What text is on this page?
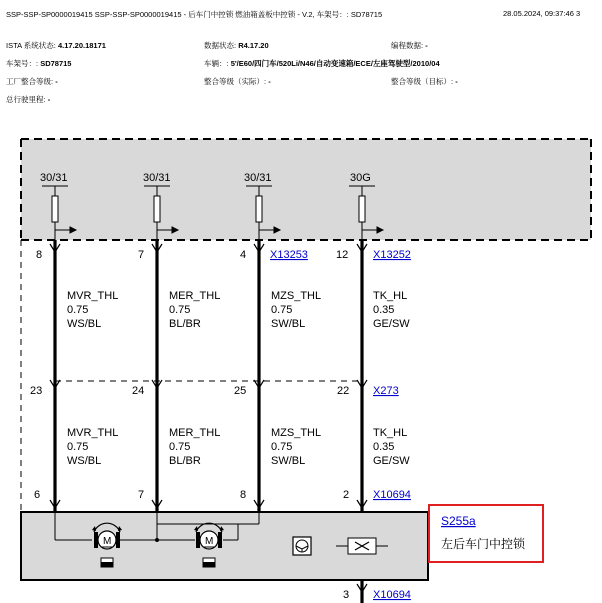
SSP-SSP-SP0000019415 SSP-SSP-SP0000019415 - 后车门中控锁 燃油箱盖板中控锁 - V.2, 车架号：: SD78715	28.05.2024, 09:37:46 3
ISTA 系统状态: 4.17.20.18171	数据状态: R4.17.20	编程数据: -
车架号：: SD78715	车辆：: 5'/E60/四门车/520Li/N46/自动变速箱/ECE/左座驾驶型/2010/04
工厂整合等级: -	整合等级（实际）: -	整合等级（目标）: -
总行驶里程: -
30/31	30/31	30/31	30G
8	7	4	12
X13253	X13252
MVR_THL
0.75
WS/BL
MER_THL
0.75
BL/BR
MZS_THL
0.75
SW/BL
TK_HL
0.35
GE/SW
23	24	25	22 X273
MVR_THL
0.75
WS/BL
MER_THL
0.75
BL/BR
MZS_THL
0.75
SW/BL
TK_HL
0.35
GE/SW
6	7	8	2 X10694
M	M
3 X10694
S255a
左后车门中控锁
